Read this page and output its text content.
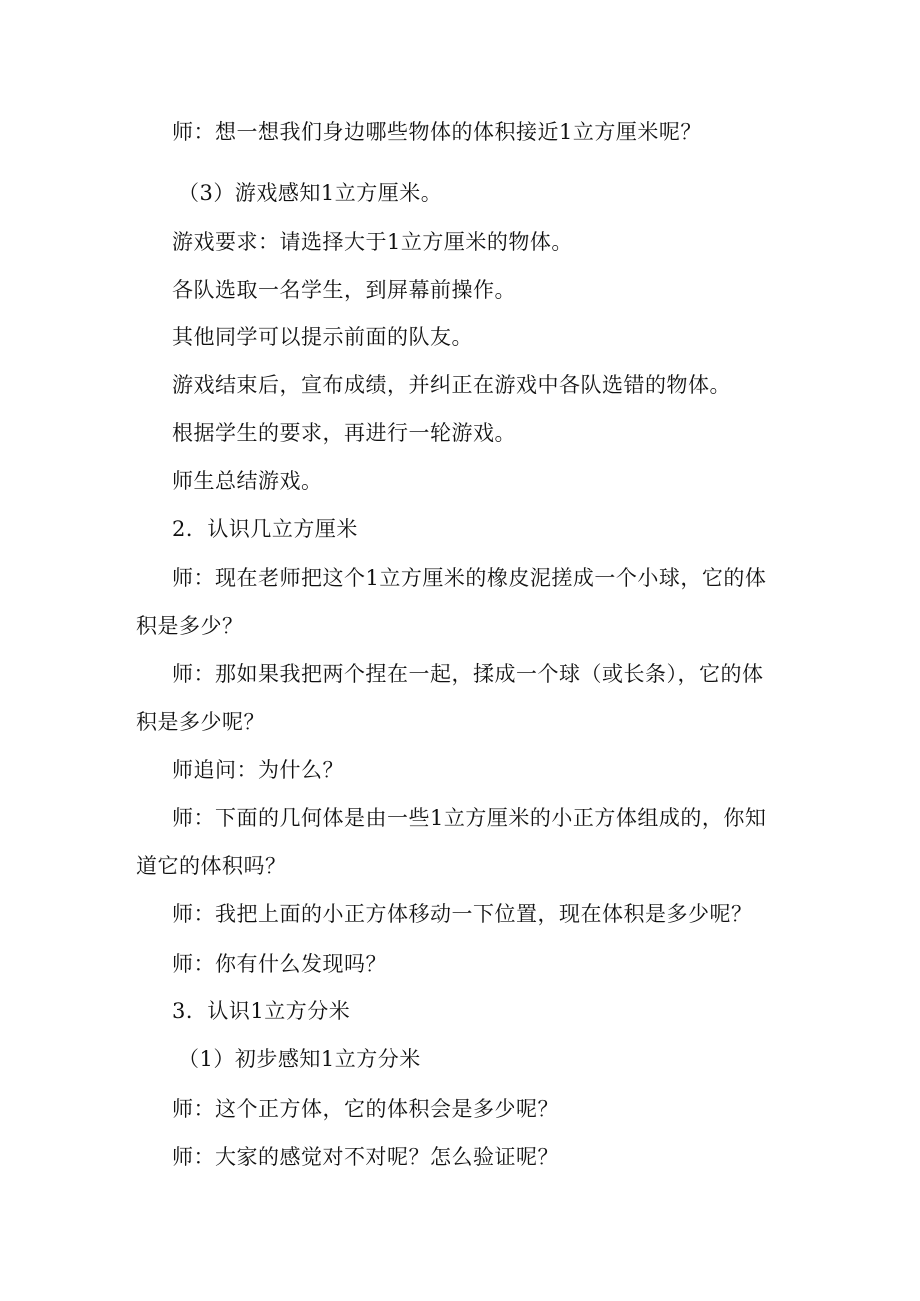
师：想一想我们身边哪些物体的体积接近1立方厘米呢？
（3）游戏感知1立方厘米。
游戏要求：请选择大于1立方厘米的物体。
各队选取一名学生，到屏幕前操作。
其他同学可以提示前面的队友。
游戏结束后，宣布成绩，并纠正在游戏中各队选错的物体。
根据学生的要求，再进行一轮游戏。
师生总结游戏。
2．认识几立方厘米
师：现在老师把这个1立方厘米的橡皮泥搓成一个小球，它的体
积是多少？
师：那如果我把两个捏在一起，揉成一个球（或长条），它的体
积是多少呢？
师追问：为什么？
师：下面的几何体是由一些1立方厘米的小正方体组成的，你知
道它的体积吗？
师：我把上面的小正方体移动一下位置，现在体积是多少呢？
师：你有什么发现吗？
3．认识1立方分米
（1）初步感知1立方分米
师：这个正方体，它的体积会是多少呢？
师：大家的感觉对不对呢？怎么验证呢？
